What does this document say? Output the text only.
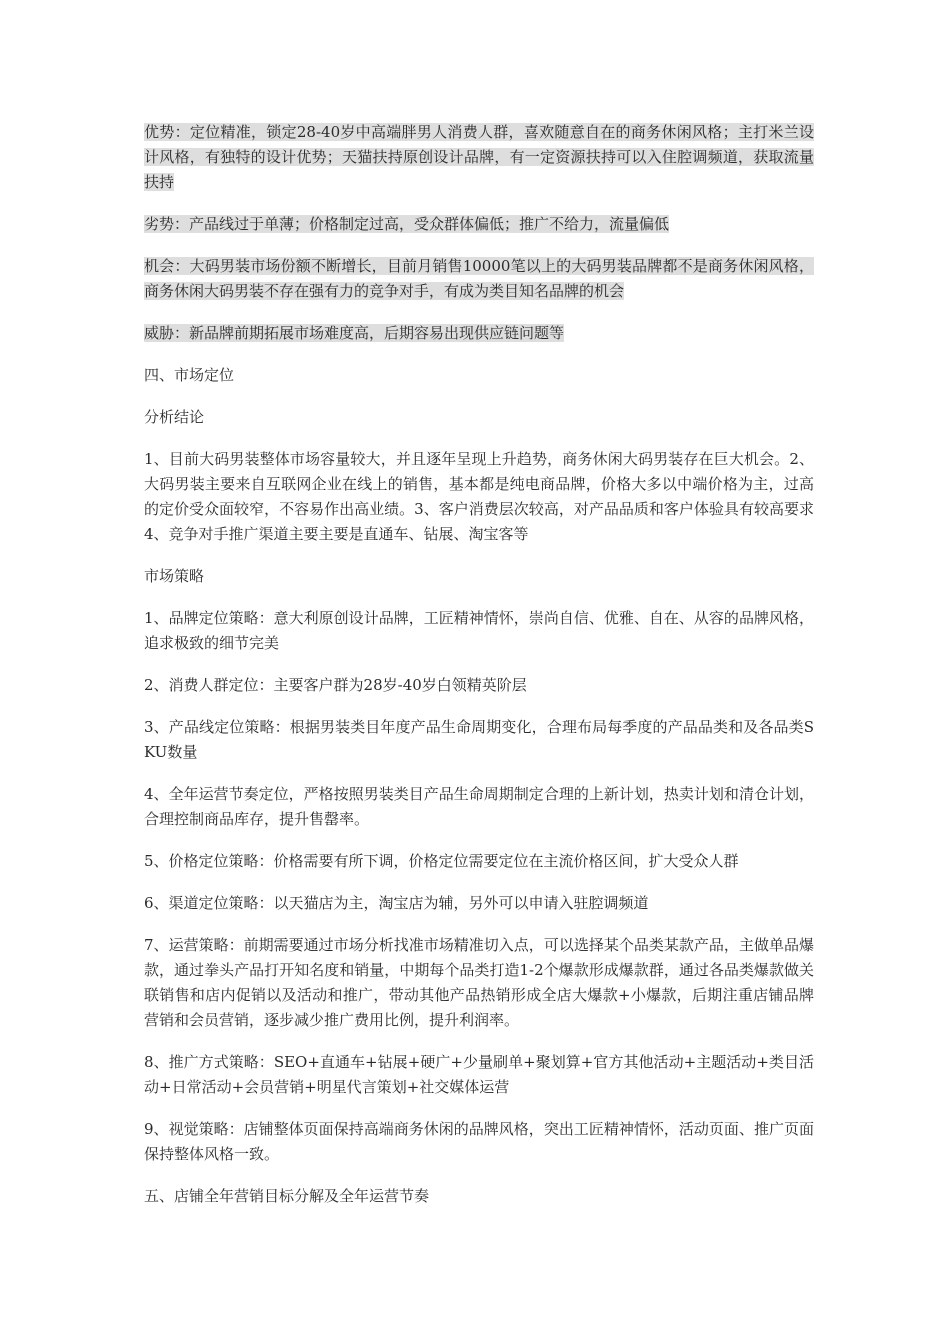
优势：定位精准，锁定28-40岁中高端胖男人消费人群，喜欢随意自在的商务休闲风格；主打米兰设计风格，有独特的设计优势；天猫扶持原创设计品牌，有一定资源扶持可以入住腔调频道，获取流量扶持

劣势：产品线过于单薄；价格制定过高，受众群体偏低；推广不给力，流量偏低

机会：大码男装市场份额不断增长，目前月销售10000笔以上的大码男装品牌都不是商务休闲风格，商务休闲大码男装不存在强有力的竞争对手，有成为类目知名品牌的机会

威胁：新品牌前期拓展市场难度高，后期容易出现供应链问题等

四、市场定位

分析结论

1、目前大码男装整体市场容量较大，并且逐年呈现上升趋势，商务休闲大码男装存在巨大机会。2、大码男装主要来自互联网企业在线上的销售，基本都是纯电商品牌，价格大多以中端价格为主，过高的定价受众面较窄，不容易作出高业绩。3、客户消费层次较高，对产品品质和客户体验具有较高要求 4、竞争对手推广渠道主要主要是直通车、钻展、淘宝客等

市场策略

1、品牌定位策略：意大利原创设计品牌，工匠精神情怀，崇尚自信、优雅、自在、从容的品牌风格，追求极致的细节完美

2、消费人群定位：主要客户群为28岁-40岁白领精英阶层

3、产品线定位策略：根据男装类目年度产品生命周期变化，合理布局每季度的产品品类和及各品类SKU数量

4、全年运营节奏定位，严格按照男装类目产品生命周期制定合理的上新计划，热卖计划和清仓计划，合理控制商品库存，提升售罄率。

5、价格定位策略：价格需要有所下调，价格定位需要定位在主流价格区间，扩大受众人群

6、渠道定位策略：以天猫店为主，淘宝店为辅，另外可以申请入驻腔调频道

7、运营策略：前期需要通过市场分析找准市场精准切入点，可以选择某个品类某款产品，主做单品爆款，通过拳头产品打开知名度和销量，中期每个品类打造1-2个爆款形成爆款群，通过各品类爆款做关联销售和店内促销以及活动和推广，带动其他产品热销形成全店大爆款+小爆款，后期注重店铺品牌营销和会员营销，逐步减少推广费用比例，提升利润率。

8、推广方式策略：SEO+直通车+钻展+硬广+少量刷单+聚划算+官方其他活动+主题活动+类目活动+日常活动+会员营销+明星代言策划+社交媒体运营

9、视觉策略：店铺整体页面保持高端商务休闲的品牌风格，突出工匠精神情怀，活动页面、推广页面保持整体风格一致。

五、店铺全年营销目标分解及全年运营节奏
